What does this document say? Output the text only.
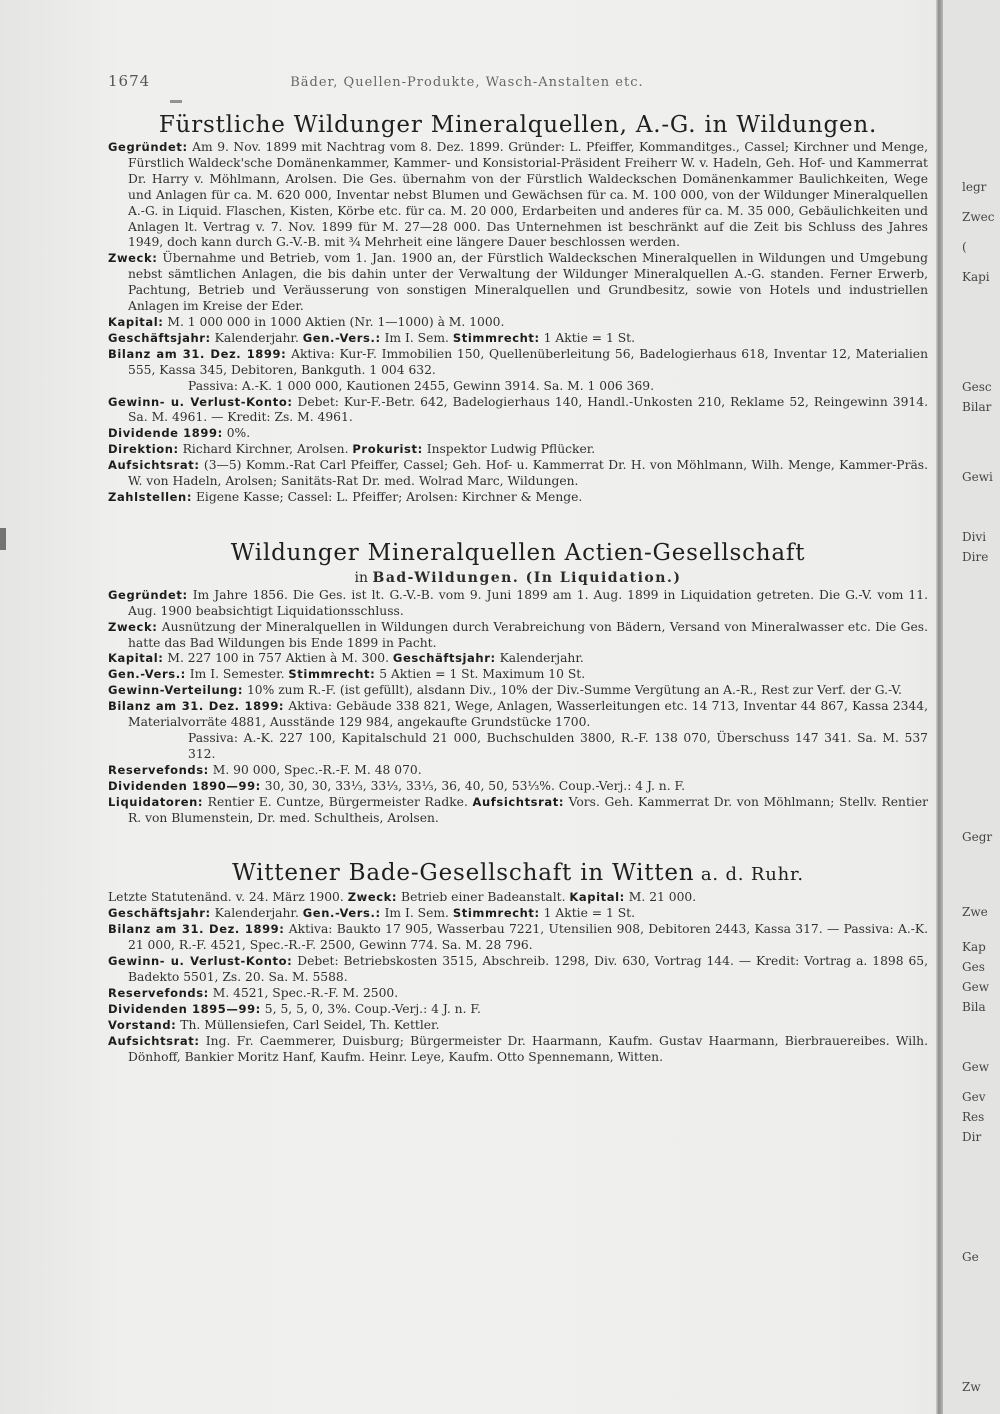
legr
Zwec
(
Kapi
Gesc
Bilar
Gewi
Divi
Dire
Gegr
Zwe
Kap
Ges
Gew
Bila
Gew
Gev
Res
Dir
Ge
Zw
1674	Bäder, Quellen-Produkte, Wasch-Anstalten etc.
Fürstliche Wildunger Mineralquellen, A.-G. in Wildungen.

Gegründet: Am 9. Nov. 1899 mit Nachtrag vom 8. Dez. 1899. Gründer: L. Pfeiffer, Kommanditges., Cassel; Kirchner und Menge, Fürstlich Waldeck'sche Domänenkammer, Kammer- und Konsistorial-Präsident Freiherr W. v. Hadeln, Geh. Hof- und Kammerrat Dr. Harry v. Möhlmann, Arolsen. Die Ges. übernahm von der Fürstlich Waldeckschen Domänenkammer Baulichkeiten, Wege und Anlagen für ca. M. 620 000, Inventar nebst Blumen und Gewächsen für ca. M. 100 000, von der Wildunger Mineralquellen A.-G. in Liquid. Flaschen, Kisten, Körbe etc. für ca. M. 20 000, Erdarbeiten und anderes für ca. M. 35 000, Gebäulichkeiten und Anlagen lt. Vertrag v. 7. Nov. 1899 für M. 27—28 000. Das Unternehmen ist beschränkt auf die Zeit bis Schluss des Jahres 1949, doch kann durch G.-V.-B. mit ¾ Mehrheit eine längere Dauer beschlossen werden.

Zweck: Übernahme und Betrieb, vom 1. Jan. 1900 an, der Fürstlich Waldeckschen Mineralquellen in Wildungen und Umgebung nebst sämtlichen Anlagen, die bis dahin unter der Verwaltung der Wildunger Mineralquellen A.-G. standen. Ferner Erwerb, Pachtung, Betrieb und Veräusserung von sonstigen Mineralquellen und Grundbesitz, sowie von Hotels und industriellen Anlagen im Kreise der Eder.

Kapital: M. 1 000 000 in 1000 Aktien (Nr. 1—1000) à M. 1000.

Geschäftsjahr: Kalenderjahr. Gen.-Vers.: Im I. Sem. Stimmrecht: 1 Aktie = 1 St.

Bilanz am 31. Dez. 1899: Aktiva: Kur-F. Immobilien 150, Quellenüberleitung 56, Badelogierhaus 618, Inventar 12, Materialien 555, Kassa 345, Debitoren, Bankguth. 1 004 632.

Passiva: A.-K. 1 000 000, Kautionen 2455, Gewinn 3914. Sa. M. 1 006 369.

Gewinn- u. Verlust-Konto: Debet: Kur-F.-Betr. 642, Badelogierhaus 140, Handl.-Unkosten 210, Reklame 52, Reingewinn 3914. Sa. M. 4961. — Kredit: Zs. M. 4961.

Dividende 1899: 0%.

Direktion: Richard Kirchner, Arolsen. Prokurist: Inspektor Ludwig Pflücker.

Aufsichtsrat: (3—5) Komm.-Rat Carl Pfeiffer, Cassel; Geh. Hof- u. Kammerrat Dr. H. von Möhlmann, Wilh. Menge, Kammer-Präs. W. von Hadeln, Arolsen; Sanitäts-Rat Dr. med. Wolrad Marc, Wildungen.

Zahlstellen: Eigene Kasse; Cassel: L. Pfeiffer; Arolsen: Kirchner & Menge.

Wildunger Mineralquellen Actien-Gesellschaft
in Bad-Wildungen. (In Liquidation.)

Gegründet: Im Jahre 1856. Die Ges. ist lt. G.-V.-B. vom 9. Juni 1899 am 1. Aug. 1899 in Liquidation getreten. Die G.-V. vom 11. Aug. 1900 beabsichtigt Liquidationsschluss.

Zweck: Ausnützung der Mineralquellen in Wildungen durch Verabreichung von Bädern, Versand von Mineralwasser etc. Die Ges. hatte das Bad Wildungen bis Ende 1899 in Pacht.

Kapital: M. 227 100 in 757 Aktien à M. 300. Geschäftsjahr: Kalenderjahr.

Gen.-Vers.: Im I. Semester. Stimmrecht: 5 Aktien = 1 St. Maximum 10 St.

Gewinn-Verteilung: 10% zum R.-F. (ist gefüllt), alsdann Div., 10% der Div.-Summe Vergütung an A.-R., Rest zur Verf. der G.-V.

Bilanz am 31. Dez. 1899: Aktiva: Gebäude 338 821, Wege, Anlagen, Wasserleitungen etc. 14 713, Inventar 44 867, Kassa 2344, Materialvorräte 4881, Ausstände 129 984, angekaufte Grundstücke 1700.

Passiva: A.-K. 227 100, Kapitalschuld 21 000, Buchschulden 3800, R.-F. 138 070, Überschuss 147 341. Sa. M. 537 312.

Reservefonds: M. 90 000, Spec.-R.-F. M. 48 070.

Dividenden 1890—99: 30, 30, 30, 33⅓, 33⅓, 33⅓, 36, 40, 50, 53⅓%. Coup.-Verj.: 4 J. n. F.

Liquidatoren: Rentier E. Cuntze, Bürgermeister Radke. Aufsichtsrat: Vors. Geh. Kammerrat Dr. von Möhlmann; Stellv. Rentier R. von Blumenstein, Dr. med. Schultheis, Arolsen.

Wittener Bade-Gesellschaft in Witten a. d. Ruhr.

Letzte Statutenänd. v. 24. März 1900. Zweck: Betrieb einer Badeanstalt. Kapital: M. 21 000.

Geschäftsjahr: Kalenderjahr. Gen.-Vers.: Im I. Sem. Stimmrecht: 1 Aktie = 1 St.

Bilanz am 31. Dez. 1899: Aktiva: Baukto 17 905, Wasserbau 7221, Utensilien 908, Debitoren 2443, Kassa 317. — Passiva: A.-K. 21 000, R.-F. 4521, Spec.-R.-F. 2500, Gewinn 774. Sa. M. 28 796.

Gewinn- u. Verlust-Konto: Debet: Betriebskosten 3515, Abschreib. 1298, Div. 630, Vortrag 144. — Kredit: Vortrag a. 1898 65, Badekto 5501, Zs. 20. Sa. M. 5588.

Reservefonds: M. 4521, Spec.-R.-F. M. 2500.

Dividenden 1895—99: 5, 5, 5, 0, 3%. Coup.-Verj.: 4 J. n. F.

Vorstand: Th. Müllensiefen, Carl Seidel, Th. Kettler.

Aufsichtsrat: Ing. Fr. Caemmerer, Duisburg; Bürgermeister Dr. Haarmann, Kaufm. Gustav Haarmann, Bierbrauereibes. Wilh. Dönhoff, Bankier Moritz Hanf, Kaufm. Heinr. Leye, Kaufm. Otto Spennemann, Witten.
